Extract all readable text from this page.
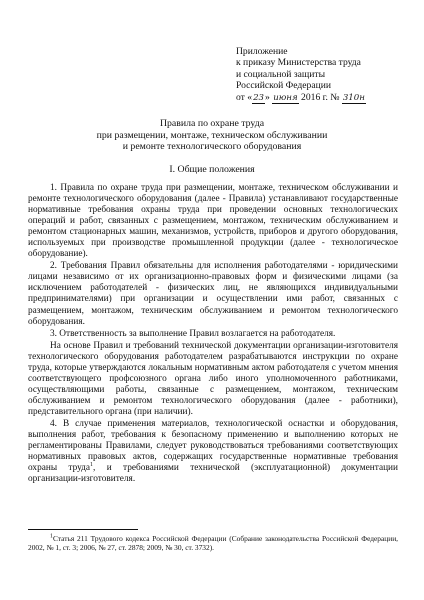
Приложение
к приказу Министерства труда
и социальной защиты
Российской Федерации
от «23» июня 2016 г. № 310н
Правила по охране труда
при размещении, монтаже, техническом обслуживании
и ремонте технологического оборудования
I. Общие положения

1. Правила по охране труда при размещении, монтаже, техническом обслуживании и ремонте технологического оборудования (далее - Правила) устанавливают государственные нормативные требования охраны труда при проведении основных технологических операций и работ, связанных с размещением, монтажом, техническим обслуживанием и ремонтом стационарных машин, механизмов, устройств, приборов и другого оборудования, используемых при производстве промышленной продукции (далее - технологическое оборудование).

2. Требования Правил обязательны для исполнения работодателями - юридическими лицами независимо от их организационно-правовых форм и физическими лицами (за исключением работодателей - физических лиц, не являющихся индивидуальными предпринимателями) при организации и осуществлении ими работ, связанных с размещением, монтажом, техническим обслуживанием и ремонтом технологического оборудования.

3. Ответственность за выполнение Правил возлагается на работодателя.

На основе Правил и требований технической документации организации-изготовителя технологического оборудования работодателем разрабатываются инструкции по охране труда, которые утверждаются локальным нормативным актом работодателя с учетом мнения соответствующего профсоюзного органа либо иного уполномоченного работниками, осуществляющими работы, связанные с размещением, монтажом, техническим обслуживанием и ремонтом технологического оборудования (далее - работники), представительного органа (при наличии).

4. В случае применения материалов, технологической оснастки и оборудования, выполнения работ, требования к безопасному применению и выполнению которых не регламентированы Правилами, следует руководствоваться требованиями соответствующих нормативных правовых актов, содержащих государственные нормативные требования охраны труда$^1$, и требованиями технической (эксплуатационной) документации организации-изготовителя.

$^1$Статья 211 Трудового кодекса Российской Федерации (Собрание законодательства Российской Федерации, 2002, № 1, ст. 3; 2006, № 27, ст. 2878; 2009, № 30, ст. 3732).
